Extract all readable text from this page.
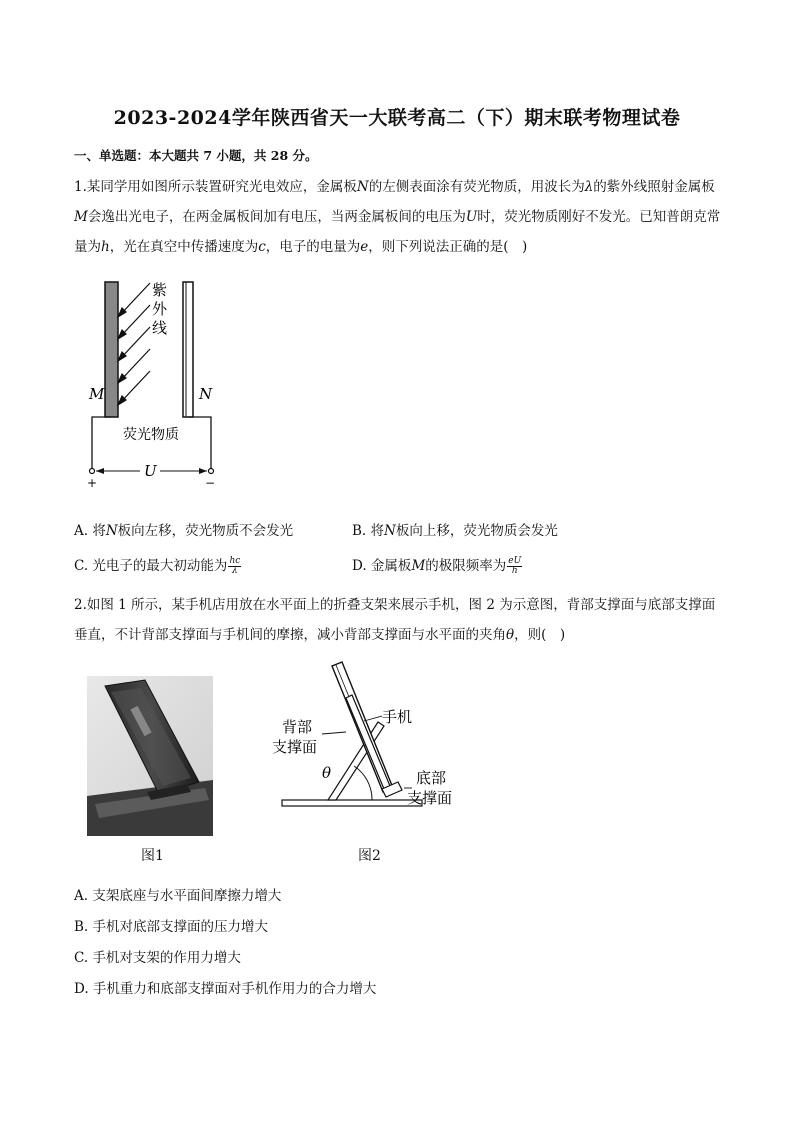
2023-2024学年陕西省天一大联考高二（下）期末联考物理试卷
一、单选题：本大题共 7 小题，共 28 分。
1.某同学用如图所示装置研究光电效应，金属板N的左侧表面涂有荧光物质，用波长为λ的紫外线照射金属板M会逸出光电子，在两金属板间加有电压，当两金属板间的电压为U时，荧光物质刚好不发光。已知普朗克常量为h，光在真空中传播速度为c，电子的电量为e，则下列说法正确的是(　)
紫
外
线
M	N
荧光物质
U
+	−
A. 将N板向左移，荧光物质不会发光	B. 将N板向上移，荧光物质会发光
C. 光电子的最大初动能为 $\frac{hc}{\lambda}$	D. 金属板M的极限频率为 $\frac{eU}{h}$
2.如图 1 所示，某手机店用放在水平面上的折叠支架来展示手机，图 2 为示意图，背部支撑面与底部支撑面垂直，不计背部支撑面与手机间的摩擦，减小背部支撑面与水平面的夹角θ，则(　)
图1
背部
支撑面
手机
θ	底部
支撑面
图2
A. 支架底座与水平面间摩擦力增大
B. 手机对底部支撑面的压力增大
C. 手机对支架的作用力增大
D. 手机重力和底部支撑面对手机作用力的合力增大
